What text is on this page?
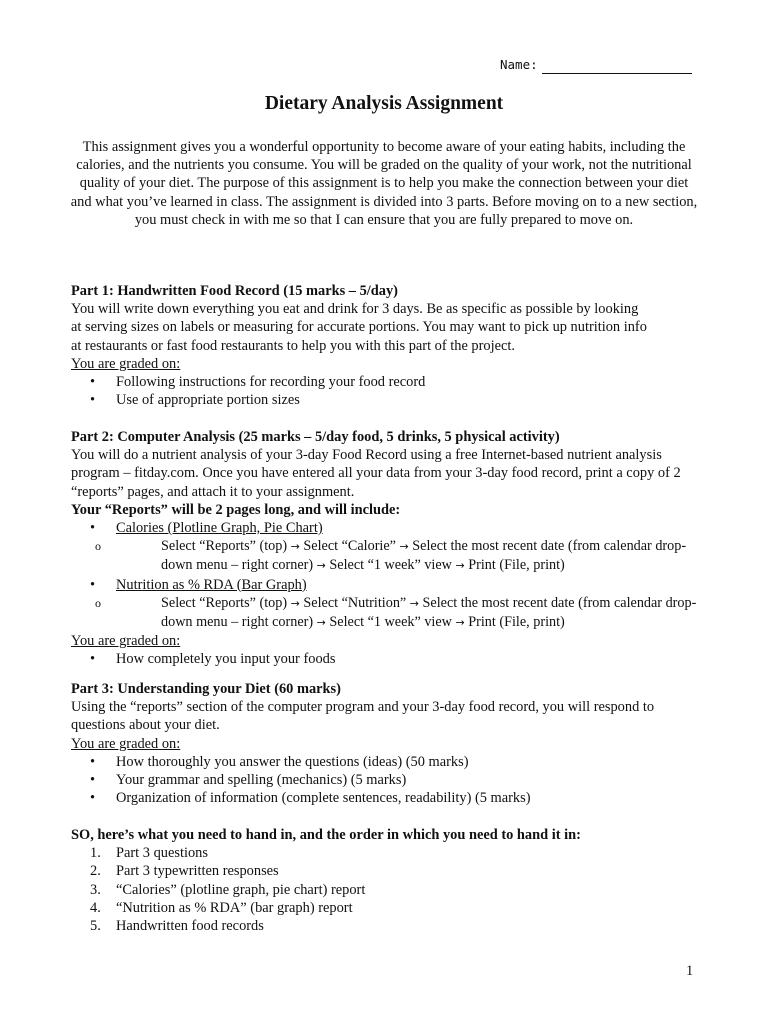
Name:
Dietary Analysis Assignment
This assignment gives you a wonderful opportunity to become aware of your eating habits, including the calories, and the nutrients you consume. You will be graded on the quality of your work, not the nutritional quality of your diet. The purpose of this assignment is to help you make the connection between your diet and what you’ve learned in class. The assignment is divided into 3 parts. Before moving on to a new section, you must check in with me so that I can ensure that you are fully prepared to move on.
Part 1: Handwritten Food Record (15 marks – 5/day)
You will write down everything you eat and drink for 3 days. Be as specific as possible by looking at serving sizes on labels or measuring for accurate portions. You may want to pick up nutrition info at restaurants or fast food restaurants to help you with this part of the project.
You are graded on:
• Following instructions for recording your food record
• Use of appropriate portion sizes
Part 2: Computer Analysis (25 marks – 5/day food, 5 drinks, 5 physical activity)
You will do a nutrient analysis of your 3-day Food Record using a free Internet-based nutrient analysis program – fitday.com. Once you have entered all your data from your 3-day food record, print a copy of 2 “reports” pages, and attach it to your assignment.
Your “Reports” will be 2 pages long, and will include:
• Calories (Plotline Graph, Pie Chart)
o Select “Reports” (top) → Select “Calorie” → Select the most recent date (from calendar drop-down menu – right corner) → Select “1 week” view → Print (File, print)
• Nutrition as % RDA (Bar Graph)
o Select “Reports” (top) → Select “Nutrition” → Select the most recent date (from calendar drop-down menu – right corner) → Select “1 week” view → Print (File, print)
You are graded on:
• How completely you input your foods
Part 3: Understanding your Diet (60 marks)
Using the “reports” section of the computer program and your 3-day food record, you will respond to questions about your diet.
You are graded on:
• How thoroughly you answer the questions (ideas) (50 marks)
• Your grammar and spelling (mechanics) (5 marks)
• Organization of information (complete sentences, readability) (5 marks)
SO, here’s what you need to hand in, and the order in which you need to hand it in:
1. Part 3 questions
2. Part 3 typewritten responses
3. “Calories” (plotline graph, pie chart) report
4. “Nutrition as % RDA” (bar graph) report
5. Handwritten food records
1
